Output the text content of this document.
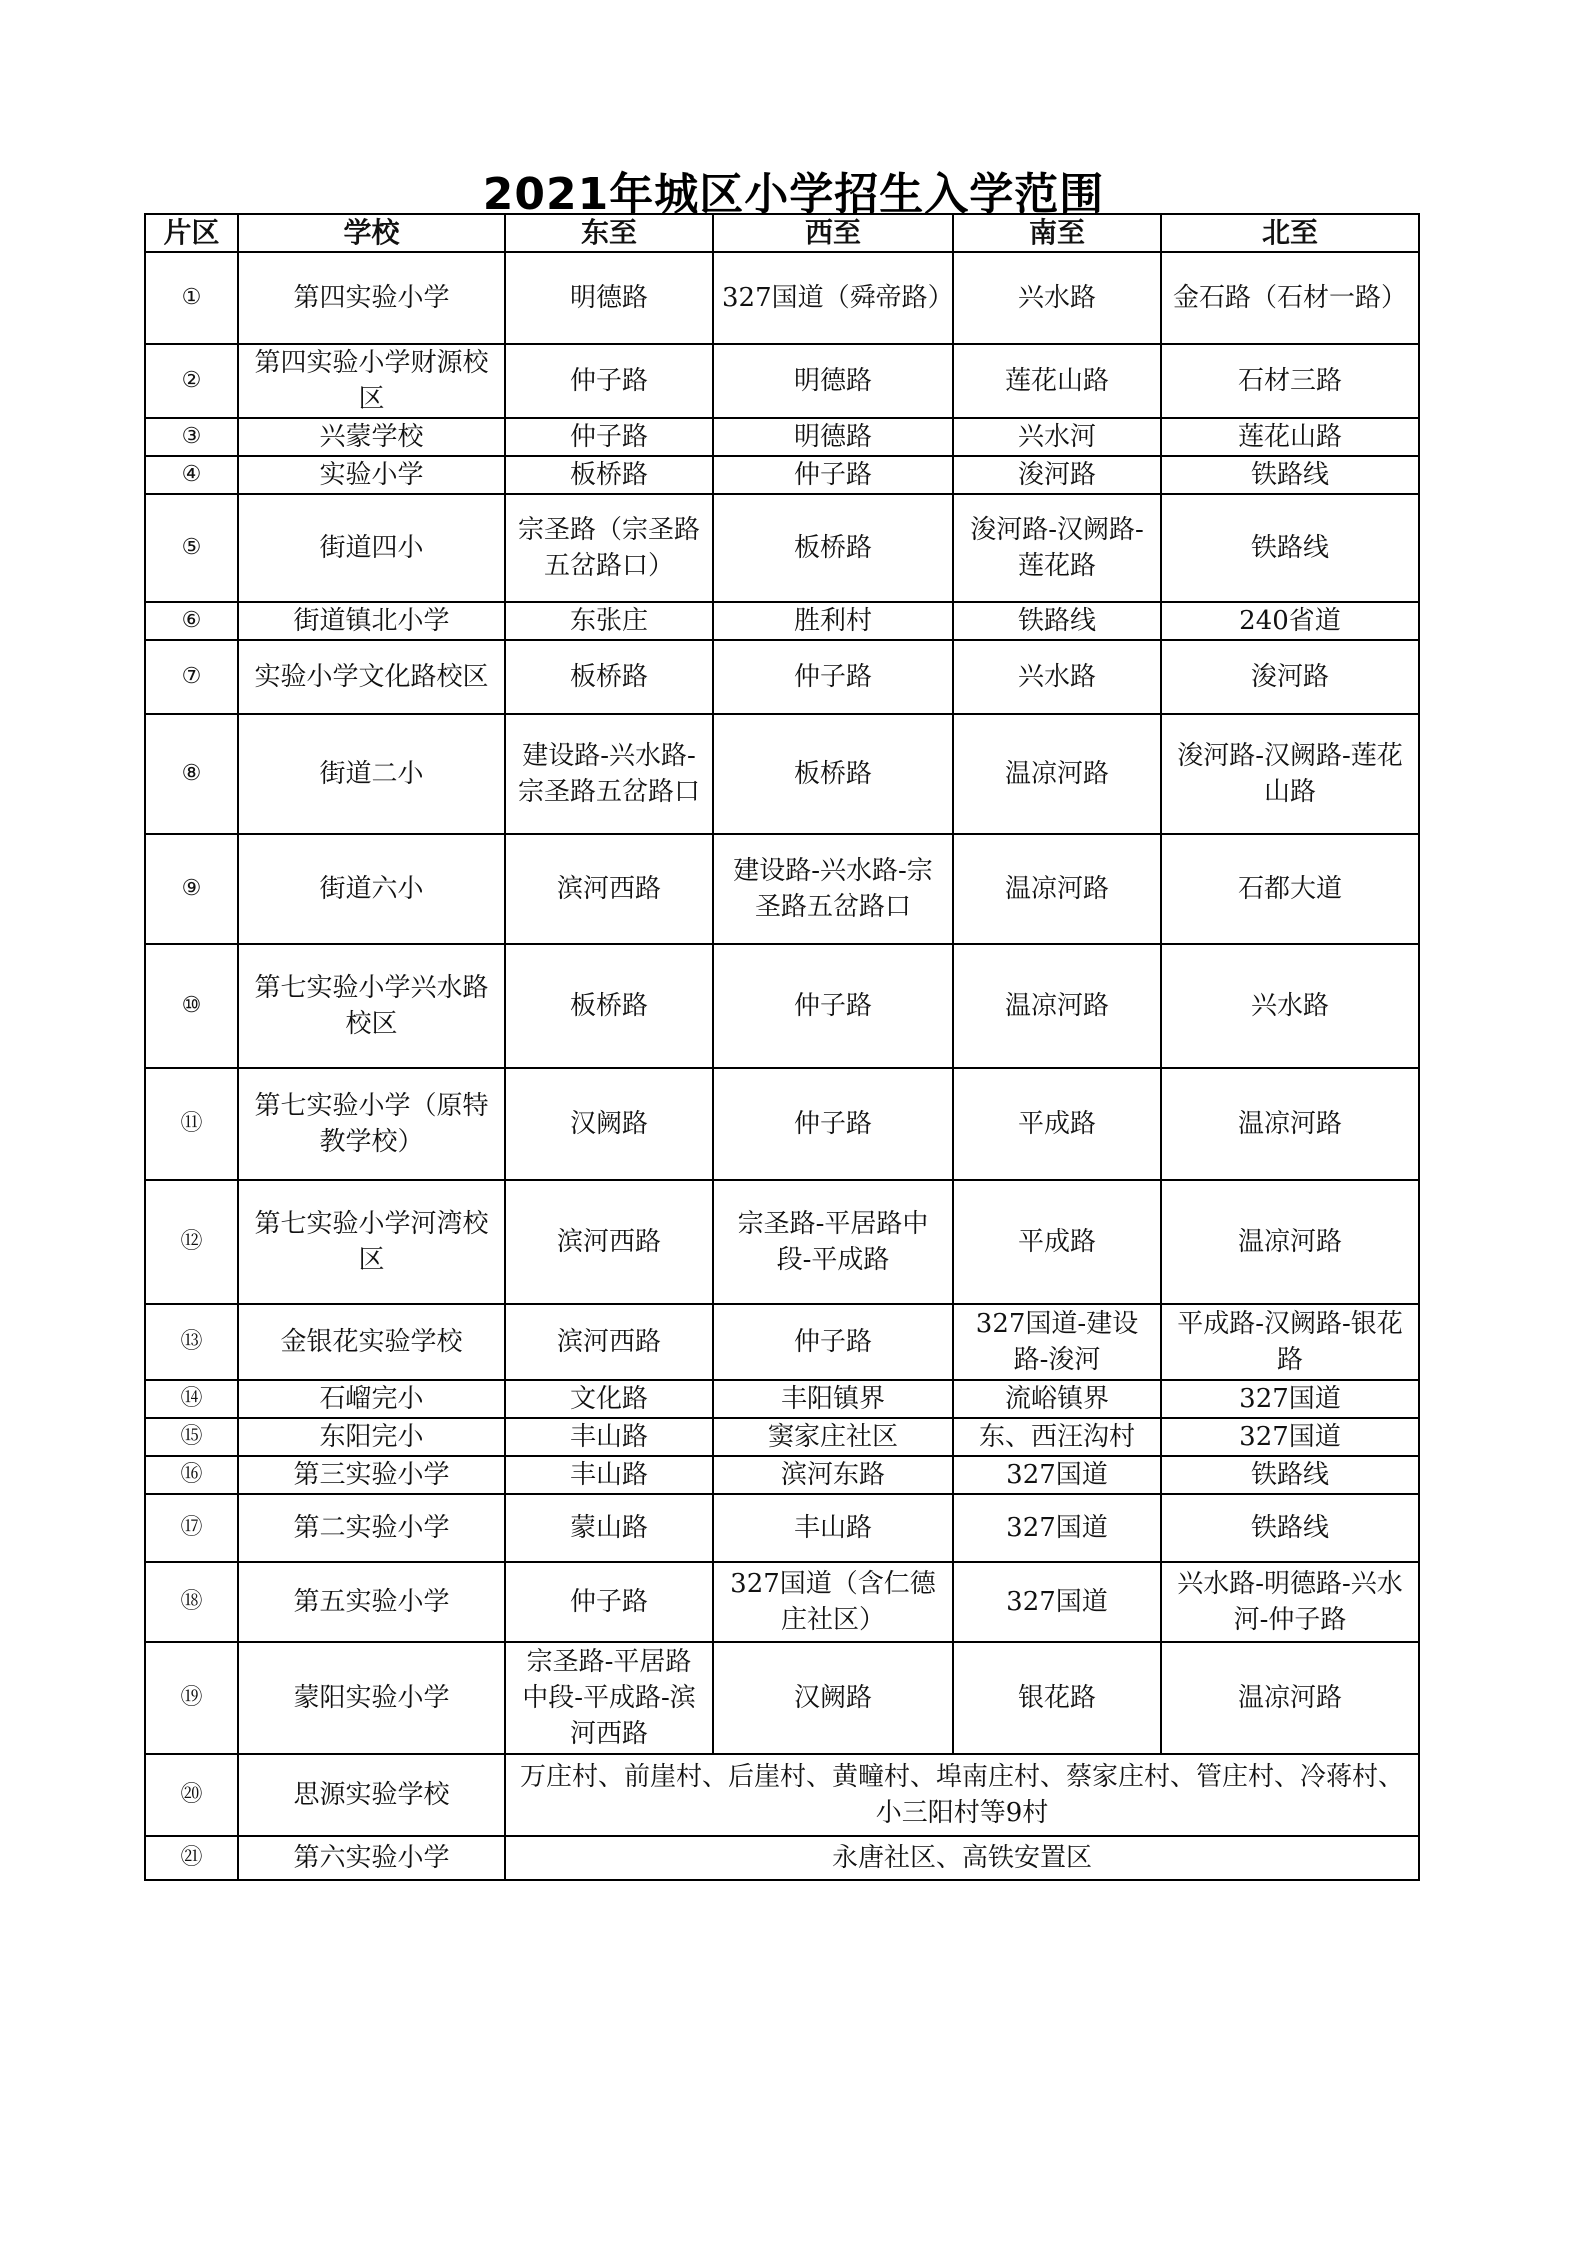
2021年城区小学招生入学范围
片区	学校	东至	西至	南至	北至
①	第四实验小学	明德路	327国道（舜帝路）	兴水路	金石路（石材一路）
②	第四实验小学财源校区	仲子路	明德路	莲花山路	石材三路
③	兴蒙学校	仲子路	明德路	兴水河	莲花山路
④	实验小学	板桥路	仲子路	浚河路	铁路线
⑤	街道四小	宗圣路（宗圣路五岔路口）	板桥路	浚河路-汉阙路-莲花路	铁路线
⑥	街道镇北小学	东张庄	胜利村	铁路线	240省道
⑦	实验小学文化路校区	板桥路	仲子路	兴水路	浚河路
⑧	街道二小	建设路-兴水路-宗圣路五岔路口	板桥路	温凉河路	浚河路-汉阙路-莲花山路
⑨	街道六小	滨河西路	建设路-兴水路-宗圣路五岔路口	温凉河路	石都大道
⑩	第七实验小学兴水路校区	板桥路	仲子路	温凉河路	兴水路
⑪	第七实验小学（原特教学校）	汉阙路	仲子路	平成路	温凉河路
⑫	第七实验小学河湾校区	滨河西路	宗圣路-平居路中段-平成路	平成路	温凉河路
⑬	金银花实验学校	滨河西路	仲子路	327国道-建设路-浚河	平成路-汉阙路-银花路
⑭	石嵧完小	文化路	丰阳镇界	流峪镇界	327国道
⑮	东阳完小	丰山路	窦家庄社区	东、西汪沟村	327国道
⑯	第三实验小学	丰山路	滨河东路	327国道	铁路线
⑰	第二实验小学	蒙山路	丰山路	327国道	铁路线
⑱	第五实验小学	仲子路	327国道（含仁德庄社区）	327国道	兴水路-明德路-兴水河-仲子路
⑲	蒙阳实验小学	宗圣路-平居路中段-平成路-滨河西路	汉阙路	银花路	温凉河路
⑳	思源实验学校	万庄村、前崖村、后崖村、黄疃村、埠南庄村、蔡家庄村、管庄村、冷蒋村、小三阳村等9村			
㉑	第六实验小学	永唐社区、高铁安置区			
